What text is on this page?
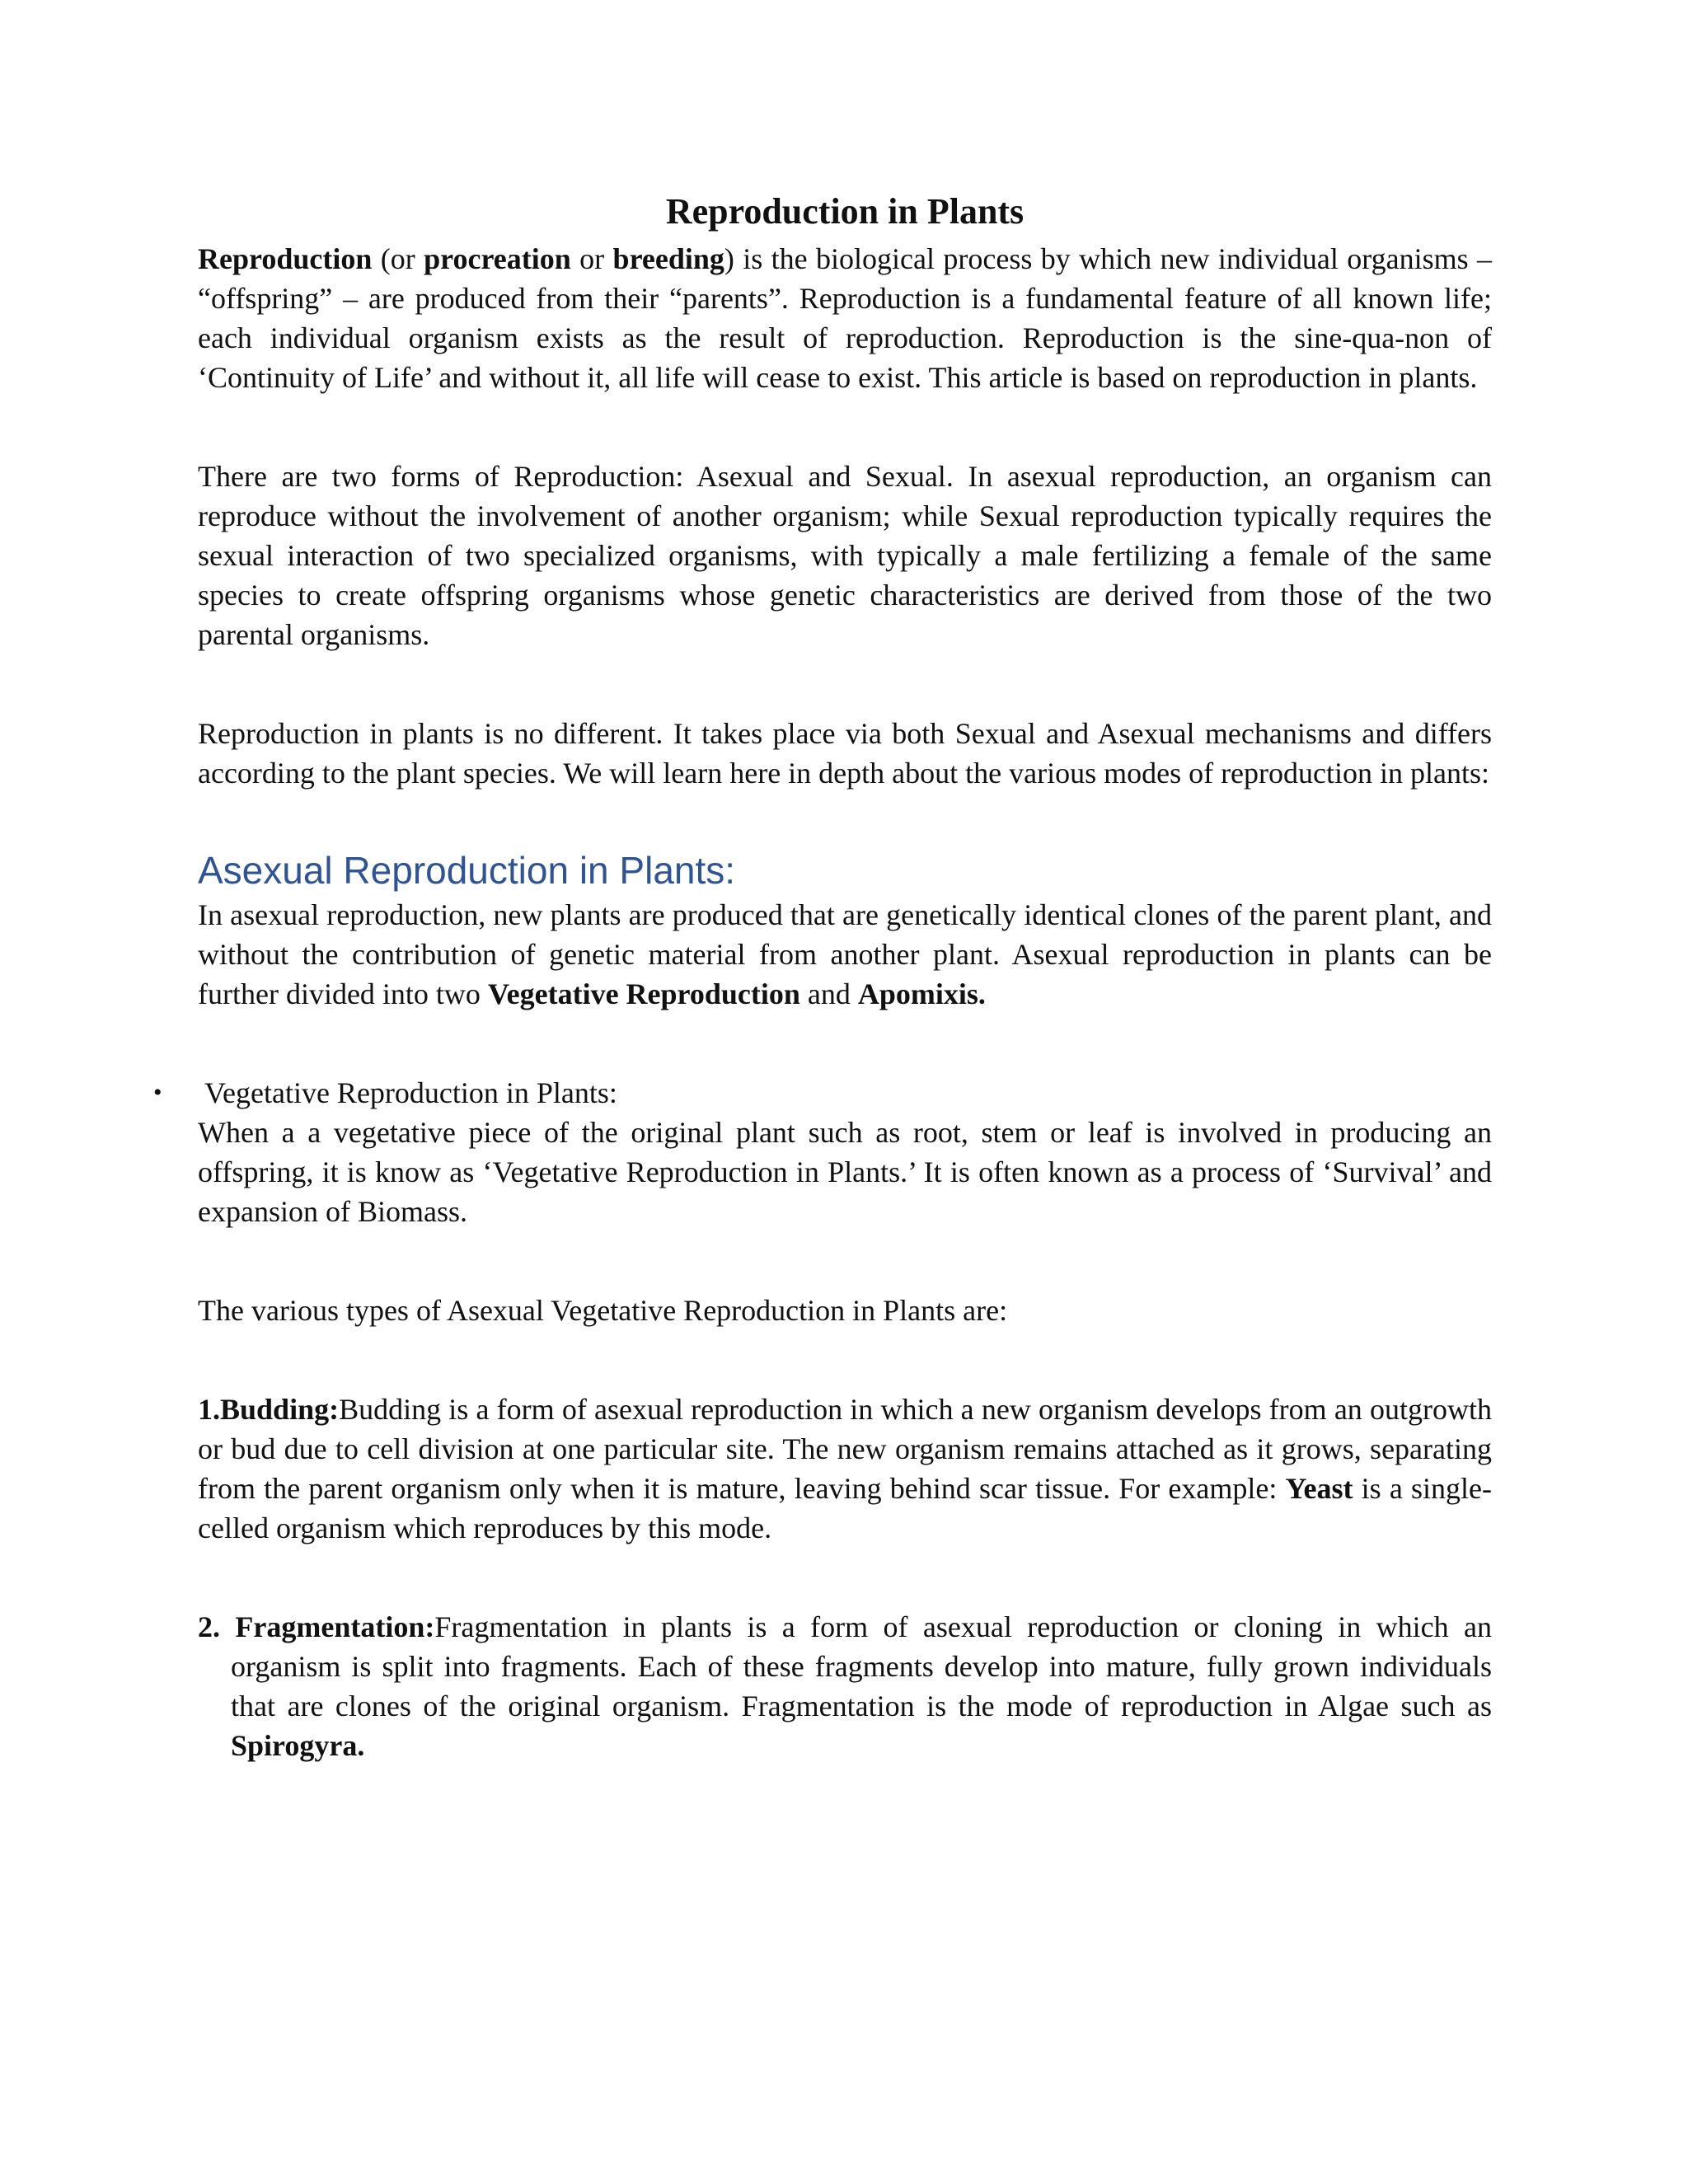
Reproduction in Plants

Reproduction (or procreation or breeding) is the biological process by which new individual organisms – “offspring” – are produced from their “parents”. Reproduction is a fundamental feature of all known life; each individual organism exists as the result of reproduction. Reproduction is the sine-qua-non of ‘Continuity of Life’ and without it, all life will cease to exist. This article is based on reproduction in plants.

There are two forms of Reproduction: Asexual and Sexual. In asexual reproduction, an organism can reproduce without the involvement of another organism; while Sexual reproduction typically requires the sexual interaction of two specialized organisms, with typically a male fertilizing a female of the same species to create offspring organisms whose genetic characteristics are derived from those of the two parental organisms.

Reproduction in plants is no different. It takes place via both Sexual and Asexual mechanisms and differs according to the plant species. We will learn here in depth about the various modes of reproduction in plants:

Asexual Reproduction in Plants:

In asexual reproduction, new plants are produced that are genetically identical clones of the parent plant, and without the contribution of genetic material from another plant. Asexual reproduction in plants can be further divided into two Vegetative Reproduction and Apomixis.

• Vegetative Reproduction in Plants:

When a a vegetative piece of the original plant such as root, stem or leaf is involved in producing an offspring, it is know as ‘Vegetative Reproduction in Plants.’ It is often known as a process of ‘Survival’ and expansion of Biomass.

The various types of Asexual Vegetative Reproduction in Plants are:

1.Budding:Budding is a form of asexual reproduction in which a new organism develops from an outgrowth or bud due to cell division at one particular site. The new organism remains attached as it grows, separating from the parent organism only when it is mature, leaving behind scar tissue. For example: Yeast is a single-celled organism which reproduces by this mode.

2. Fragmentation:Fragmentation in plants is a form of asexual reproduction or cloning in which an organism is split into fragments. Each of these fragments develop into mature, fully grown individuals that are clones of the original organism. Fragmentation is the mode of reproduction in Algae such as Spirogyra.
